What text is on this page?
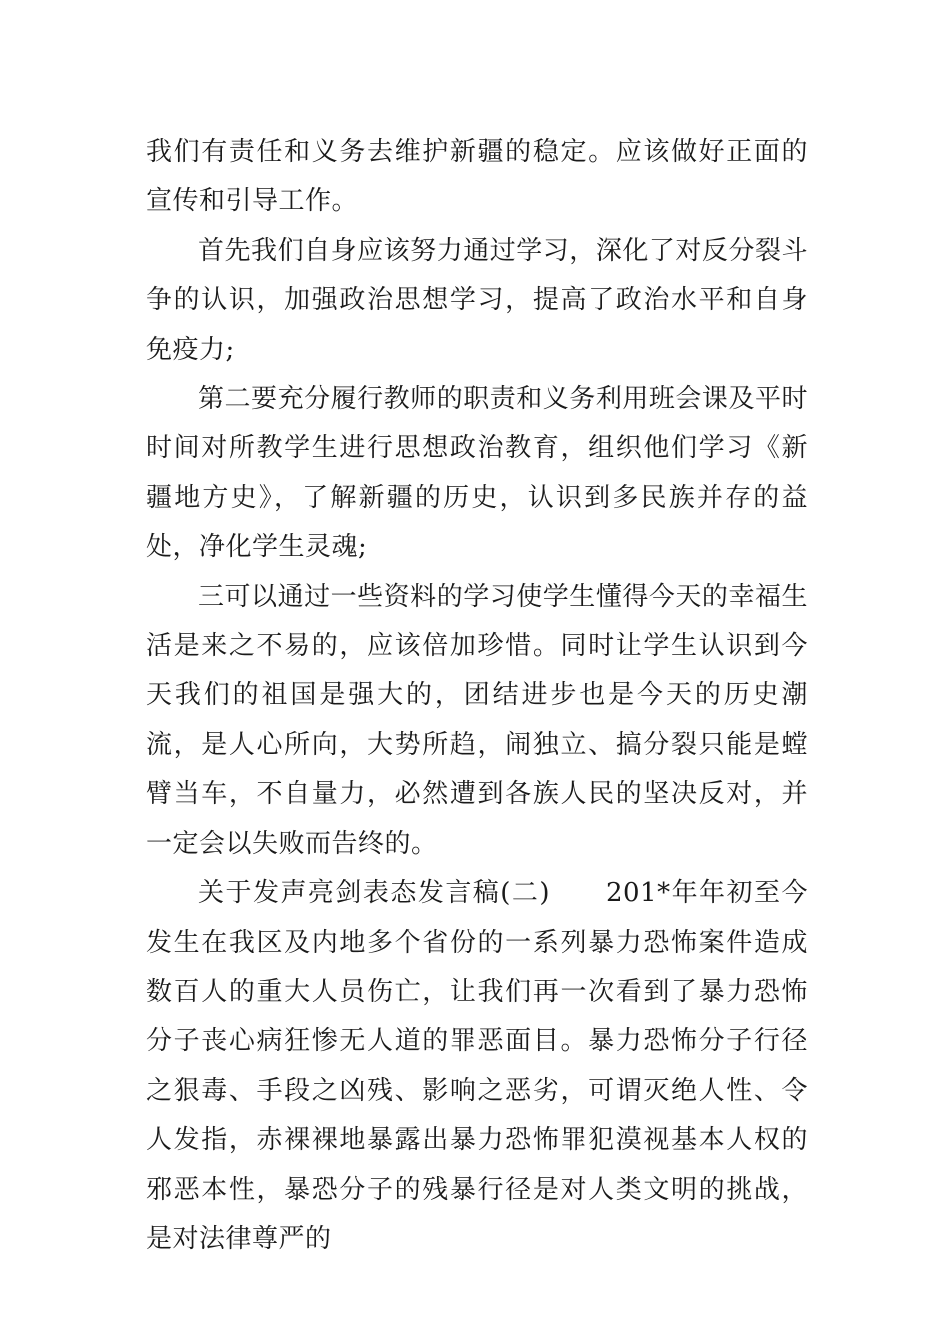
我们有责任和义务去维护新疆的稳定。应该做好正面的宣传和引导工作。

首先我们自身应该努力通过学习，深化了对反分裂斗争的认识，加强政治思想学习，提高了政治水平和自身免疫力;

第二要充分履行教师的职责和义务利用班会课及平时时间对所教学生进行思想政治教育，组织他们学习《新疆地方史》，了解新疆的历史，认识到多民族并存的益处，净化学生灵魂;

三可以通过一些资料的学习使学生懂得今天的幸福生活是来之不易的，应该倍加珍惜。同时让学生认识到今天我们的祖国是强大的，团结进步也是今天的历史潮流，是人心所向，大势所趋，闹独立、搞分裂只能是螳臂当车，不自量力，必然遭到各族人民的坚决反对，并一定会以失败而告终的。

关于发声亮剑表态发言稿(二)　　201*年年初至今发生在我区及内地多个省份的一系列暴力恐怖案件造成数百人的重大人员伤亡，让我们再一次看到了暴力恐怖分子丧心病狂惨无人道的罪恶面目。暴力恐怖分子行径之狠毒、手段之凶残、影响之恶劣，可谓灭绝人性、令人发指，赤裸裸地暴露出暴力恐怖罪犯漠视基本人权的邪恶本性，暴恐分子的残暴行径是对人类文明的挑战，是对法律尊严的
